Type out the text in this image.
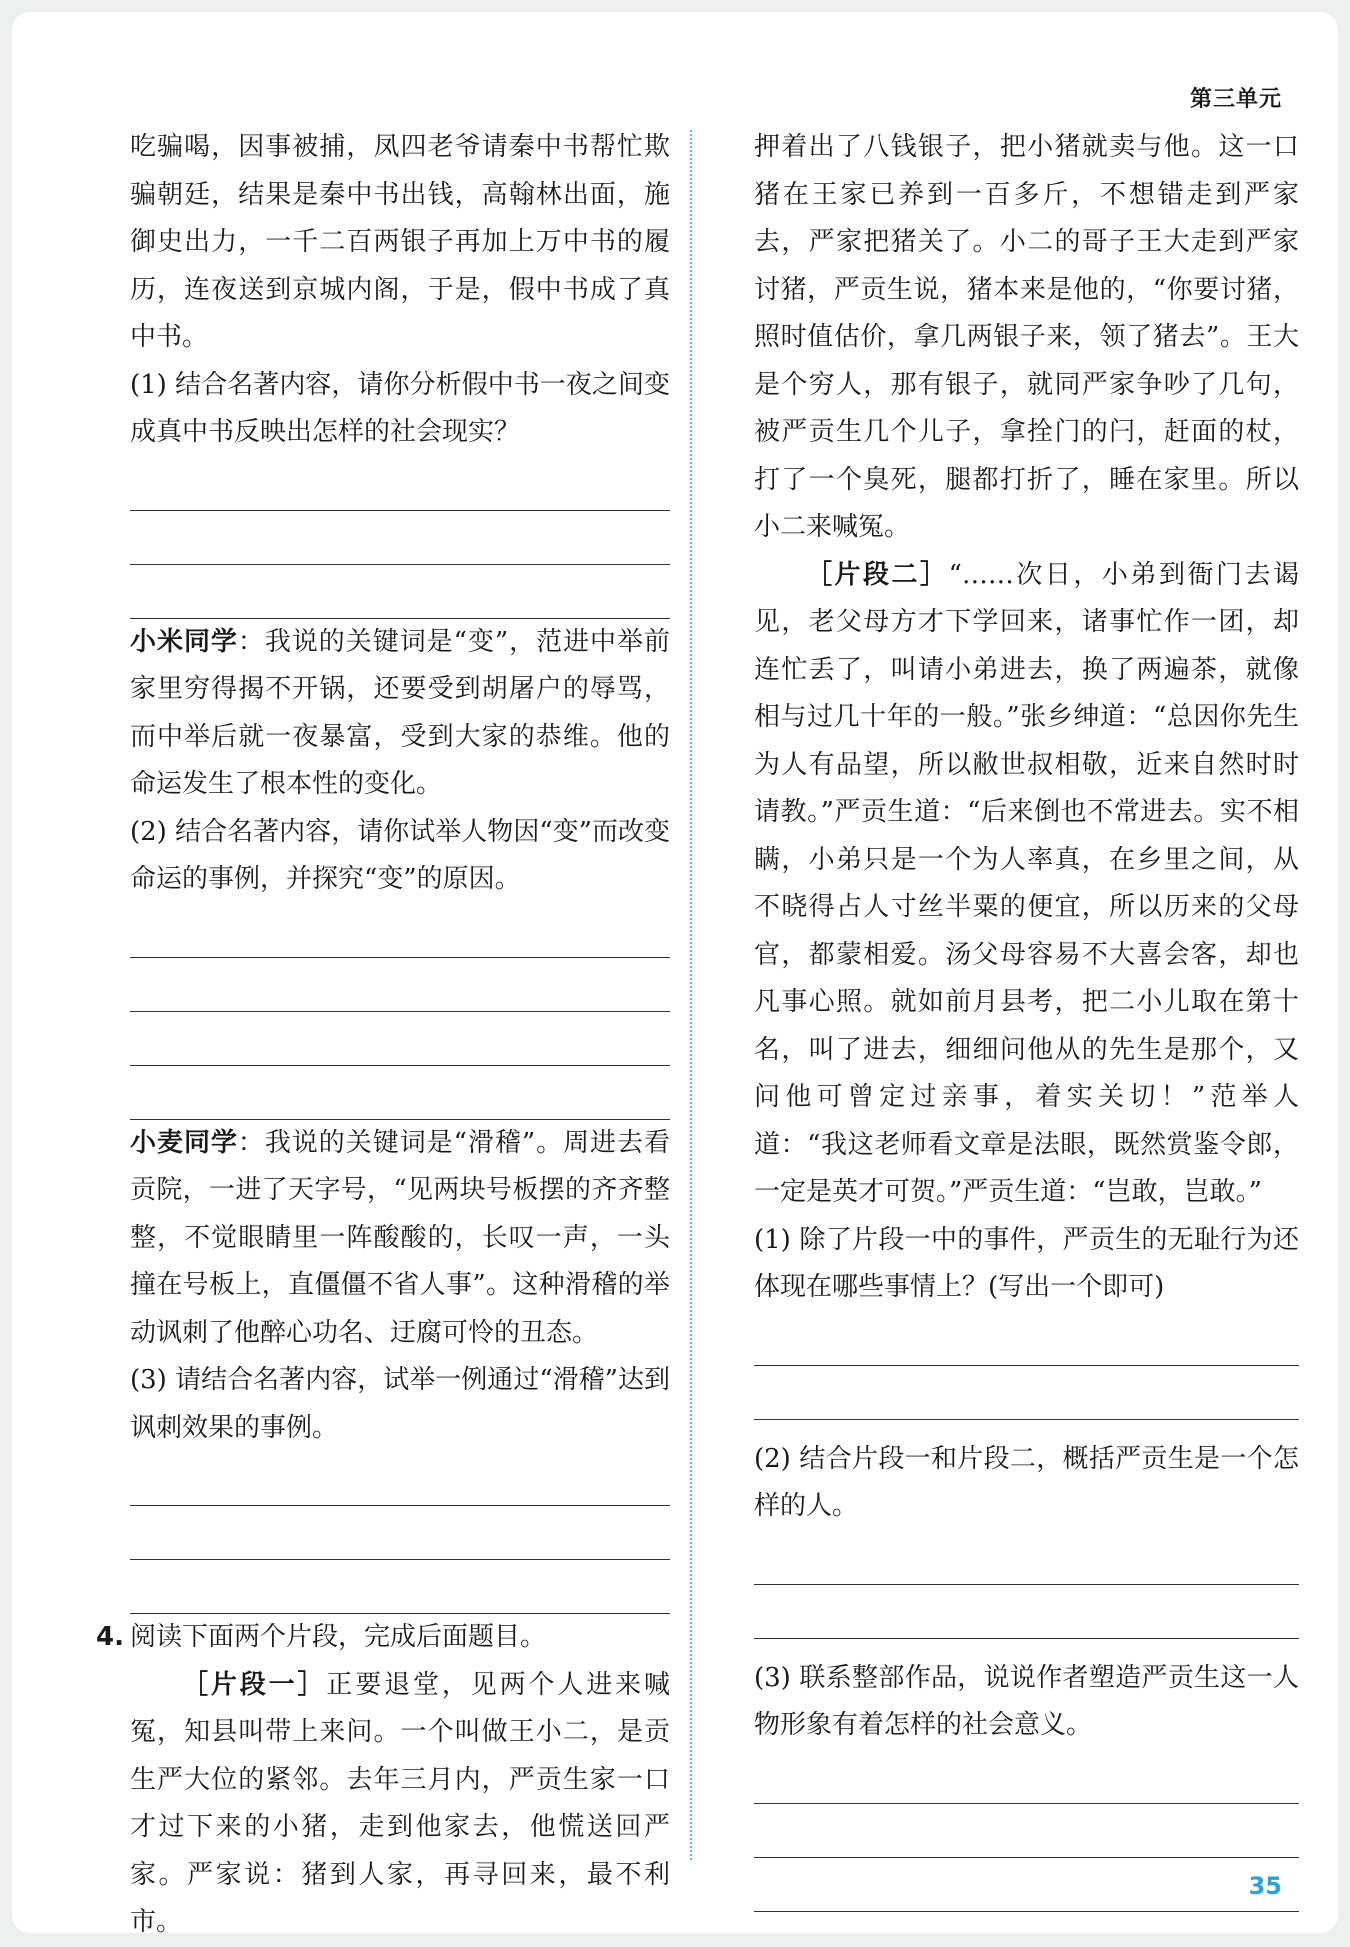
第三单元

吃骗喝，因事被捕，凤四老爷请秦中书帮忙欺骗朝廷，结果是秦中书出钱，高翰林出面，施御史出力，一千二百两银子再加上万中书的履历，连夜送到京城内阁，于是，假中书成了真中书。

(1) 结合名著内容，请你分析假中书一夜之间变成真中书反映出怎样的社会现实？

小米同学：我说的关键词是“变”，范进中举前家里穷得揭不开锅，还要受到胡屠户的辱骂，而中举后就一夜暴富，受到大家的恭维。他的命运发生了根本性的变化。

(2) 结合名著内容，请你试举人物因“变”而改变命运的事例，并探究“变”的原因。

小麦同学：我说的关键词是“滑稽”。周进去看贡院，一进了天字号，“见两块号板摆的齐齐整整，不觉眼睛里一阵酸酸的，长叹一声，一头撞在号板上，直僵僵不省人事”。这种滑稽的举动讽刺了他醉心功名、迂腐可怜的丑态。

(3) 请结合名著内容，试举一例通过“滑稽”达到讽刺效果的事例。

4. 阅读下面两个片段，完成后面题目。

［片段一］正要退堂，见两个人进来喊冤，知县叫带上来问。一个叫做王小二，是贡生严大位的紧邻。去年三月内，严贡生家一口才过下来的小猪，走到他家去，他慌送回严家。严家说：猪到人家，再寻回来，最不利市。

押着出了八钱银子，把小猪就卖与他。这一口猪在王家已养到一百多斤，不想错走到严家去，严家把猪关了。小二的哥子王大走到严家讨猪，严贡生说，猪本来是他的，“你要讨猪，照时值估价，拿几两银子来，领了猪去”。王大是个穷人，那有银子，就同严家争吵了几句，被严贡生几个儿子，拿拴门的闩，赶面的杖，打了一个臭死，腿都打折了，睡在家里。所以小二来喊冤。

［片段二］“……次日，小弟到衙门去谒见，老父母方才下学回来，诸事忙作一团，却连忙丢了，叫请小弟进去，换了两遍茶，就像相与过几十年的一般。”张乡绅道：“总因你先生为人有品望，所以敝世叔相敬，近来自然时时请教。”严贡生道：“后来倒也不常进去。实不相瞒，小弟只是一个为人率真，在乡里之间，从不晓得占人寸丝半粟的便宜，所以历来的父母官，都蒙相爱。汤父母容易不大喜会客，却也凡事心照。就如前月县考，把二小儿取在第十名，叫了进去，细细问他从的先生是那个，又问他可曾定过亲事，着实关切！”范举人道：“我这老师看文章是法眼，既然赏鉴令郎，一定是英才可贺。”严贡生道：“岂敢，岂敢。”

(1) 除了片段一中的事件，严贡生的无耻行为还体现在哪些事情上？(写出一个即可)

(2) 结合片段一和片段二，概括严贡生是一个怎样的人。

(3) 联系整部作品，说说作者塑造严贡生这一人物形象有着怎样的社会意义。

35
